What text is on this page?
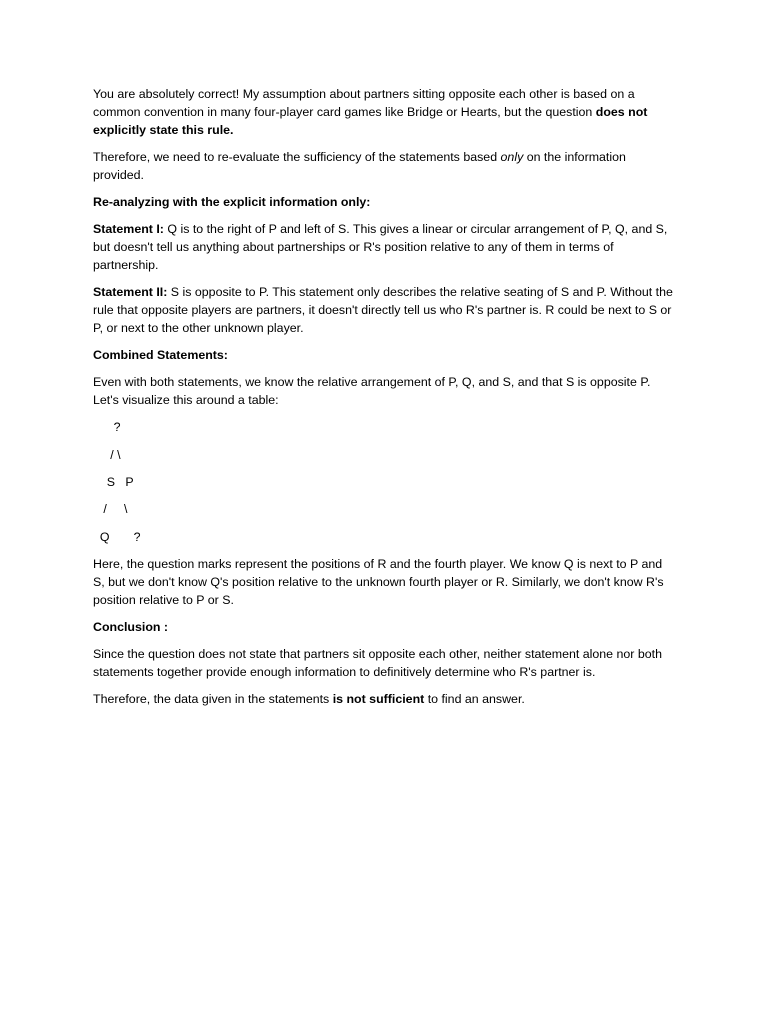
You are absolutely correct! My assumption about partners sitting opposite each other is based on a common convention in many four-player card games like Bridge or Hearts, but the question does not explicitly state this rule.

Therefore, we need to re-evaluate the sufficiency of the statements based only on the information provided.

Re-analyzing with the explicit information only:

Statement I: Q is to the right of P and left of S. This gives a linear or circular arrangement of P, Q, and S, but doesn't tell us anything about partnerships or R's position relative to any of them in terms of partnership.

Statement II: S is opposite to P. This statement only describes the relative seating of S and P. Without the rule that opposite players are partners, it doesn't directly tell us who R's partner is. R could be next to S or P, or next to the other unknown player.

Combined Statements:

Even with both statements, we know the relative arrangement of P, Q, and S, and that S is opposite P. Let's visualize this around a table:

?
/ \
S   P
/     \
Q       ?

Here, the question marks represent the positions of R and the fourth player. We know Q is next to P and S, but we don't know Q's position relative to the unknown fourth player or R. Similarly, we don't know R's position relative to P or S.

Conclusion :

Since the question does not state that partners sit opposite each other, neither statement alone nor both statements together provide enough information to definitively determine who R's partner is.

Therefore, the data given in the statements is not sufficient to find an answer.
